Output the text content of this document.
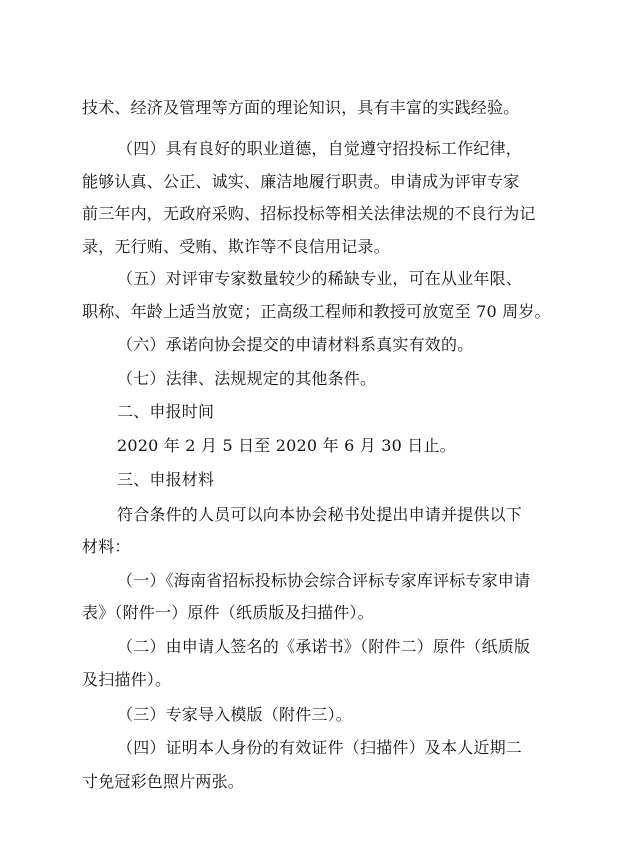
技术、经济及管理等方面的理论知识，具有丰富的实践经验。
（四）具有良好的职业道德，自觉遵守招投标工作纪律，
能够认真、公正、诚实、廉洁地履行职责。申请成为评审专家
前三年内，无政府采购、招标投标等相关法律法规的不良行为记
录，无行贿、受贿、欺诈等不良信用记录。
（五）对评审专家数量较少的稀缺专业，可在从业年限、
职称、年龄上适当放宽；正高级工程师和教授可放宽至 70 周岁。
（六）承诺向协会提交的申请材料系真实有效的。
（七）法律、法规规定的其他条件。
二、申报时间
2020 年 2 月 5 日至 2020 年 6 月 30 日止。
三、申报材料
符合条件的人员可以向本协会秘书处提出申请并提供以下
材料：
（一）《海南省招标投标协会综合评标专家库评标专家申请
表》（附件一）原件（纸质版及扫描件）。
（二）由申请人签名的《承诺书》（附件二）原件（纸质版
及扫描件）。
（三）专家导入模版（附件三）。
（四）证明本人身份的有效证件（扫描件）及本人近期二
寸免冠彩色照片两张。
